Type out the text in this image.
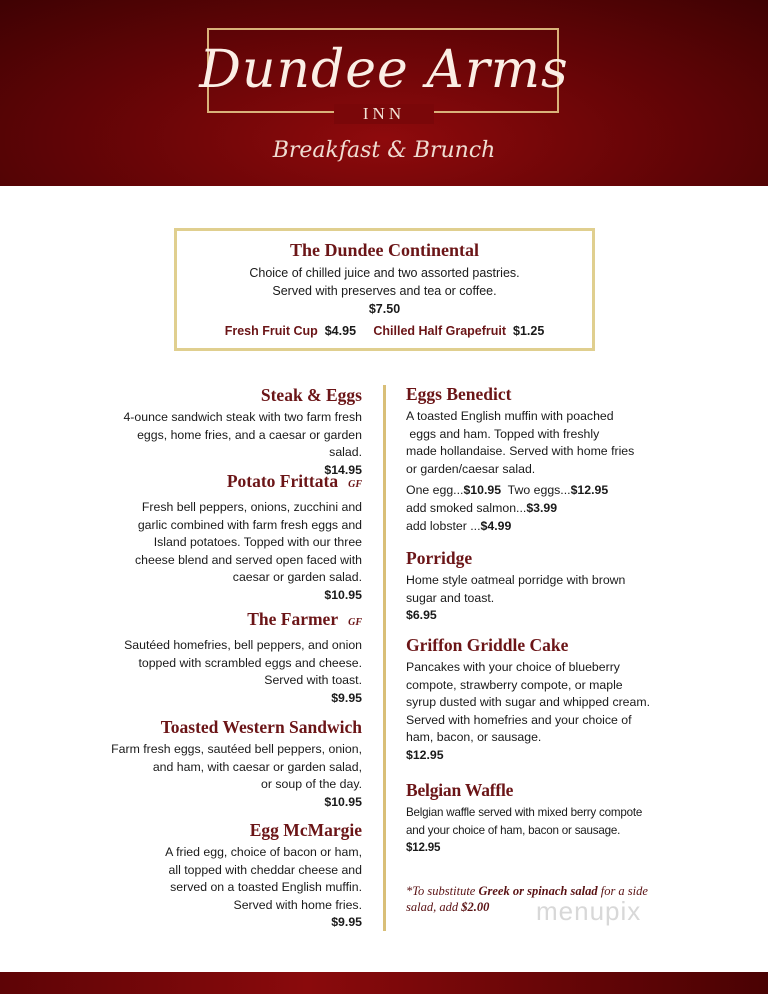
Dundee Arms
INN
Breakfast & Brunch
The Dundee Continental
Choice of chilled juice and two assorted pastries.
Served with preserves and tea or coffee.
$7.50
Fresh Fruit Cup $4.95 Chilled Half Grapefruit $1.25
Steak & Eggs
4-ounce sandwich steak with two farm fresh
eggs, home fries, and a caesar or garden salad.
$14.95
Potato Frittata GF
Fresh bell peppers, onions, zucchini and
garlic combined with farm fresh eggs and
Island potatoes. Topped with our three
cheese blend and served open faced with
caesar or garden salad.
$10.95
The Farmer GF
Sautéed homefries, bell peppers, and onion
topped with scrambled eggs and cheese.
Served with toast.
$9.95
Toasted Western Sandwich
Farm fresh eggs, sautéed bell peppers, onion,
and ham, with caesar or garden salad,
or soup of the day.
$10.95
Egg McMargie
A fried egg, choice of bacon or ham,
all topped with cheddar cheese and
served on a toasted English muffin.
Served with home fries.
$9.95
Eggs Benedict
A toasted English muffin with poached
eggs and ham. Topped with freshly
made hollandaise. Served with home fries
or garden/caesar salad.
One egg...$10.95  Two eggs...$12.95
add smoked salmon...$3.99
add lobster ...$4.99
Porridge
Home style oatmeal porridge with brown
sugar and toast.
$6.95
Griffon Griddle Cake
Pancakes with your choice of blueberry
compote, strawberry compote, or maple
syrup dusted with sugar and whipped cream.
Served with homefries and your choice of
ham, bacon, or sausage.
$12.95
Belgian Waffle
Belgian waffle served with mixed berry compote
and your choice of ham, bacon or sausage.
$12.95
*To substitute Greek or spinach salad for a side salad, add $2.00	menupix
